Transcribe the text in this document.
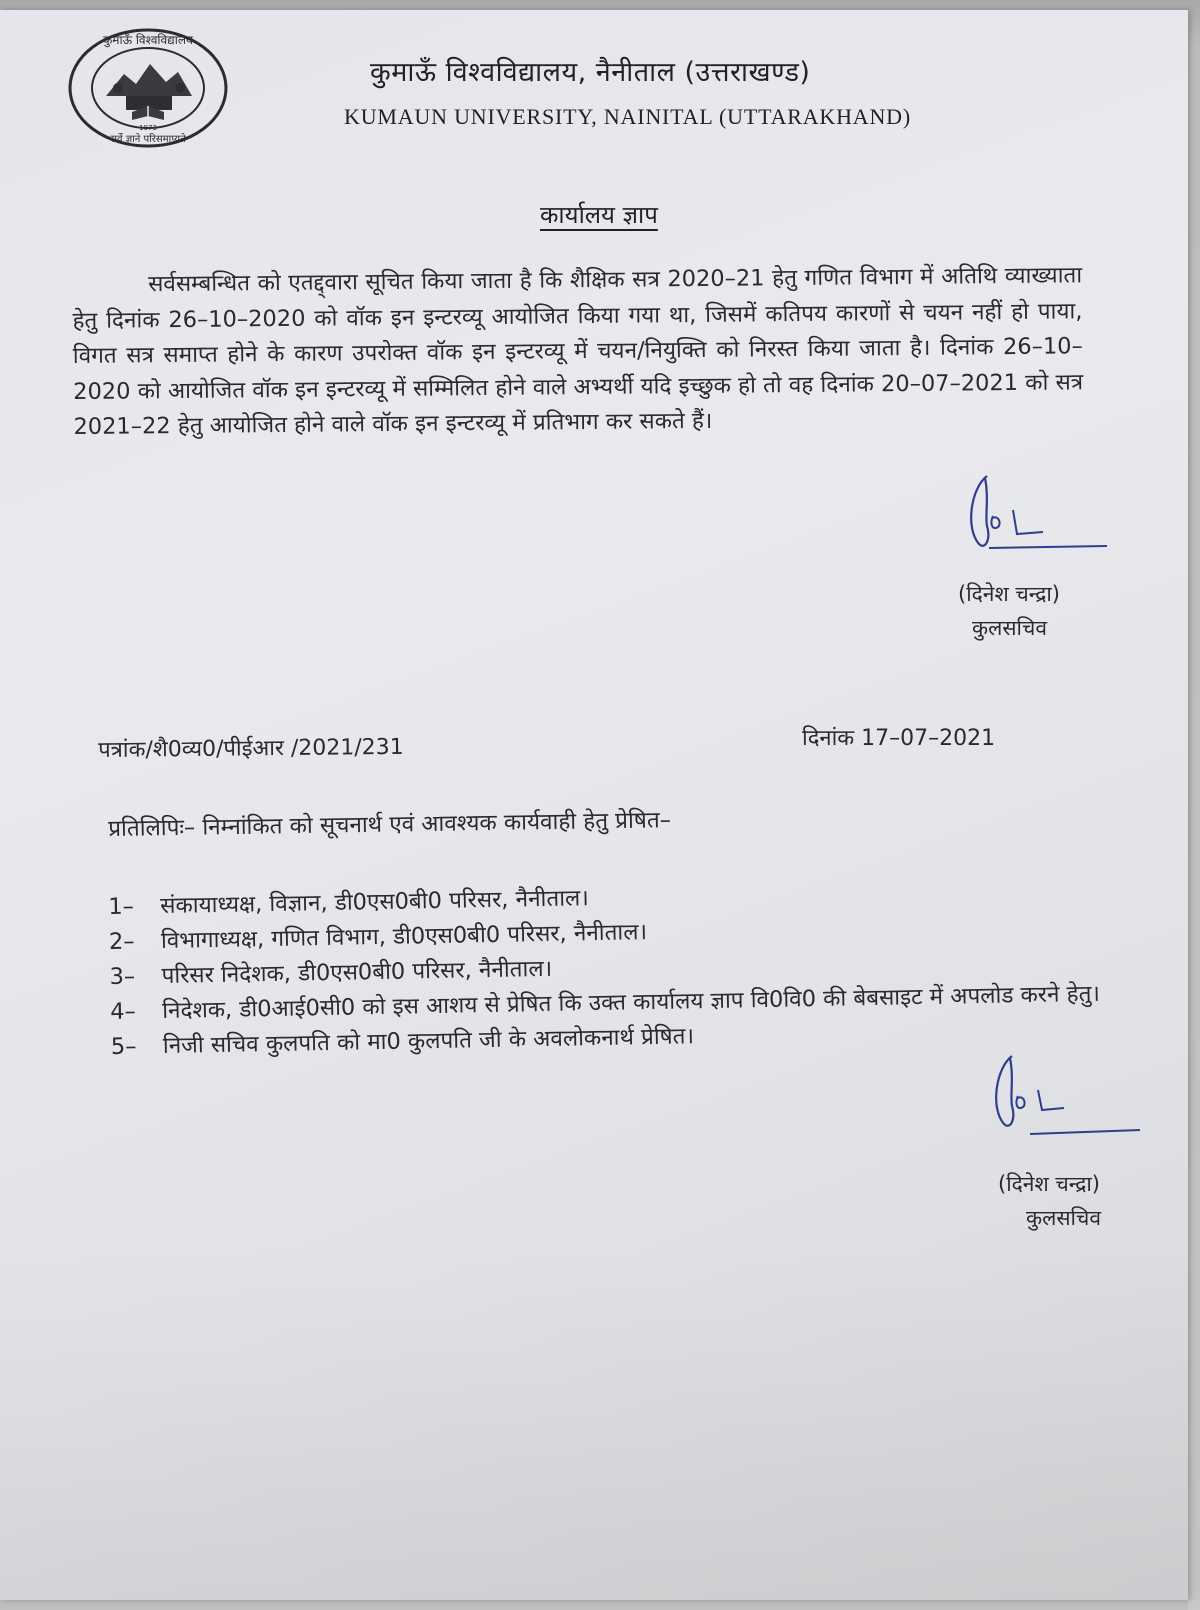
1973
कुमाऊँ विश्वविद्यालय
सर्वे ज्ञाने परिसमाप्यते
कुमाऊँ विश्वविद्यालय, नैनीताल (उत्तराखण्ड)
KUMAUN UNIVERSITY, NAINITAL (UTTARAKHAND)
कार्यालय ज्ञाप
सर्वसम्बन्धित को एतद्द्वारा सूचित किया जाता है कि शैक्षिक सत्र 2020–21 हेतु गणित विभाग में अतिथि व्याख्याता हेतु दिनांक 26–10–2020 को वॉक इन इन्टरव्यू आयोजित किया गया था, जिसमें कतिपय कारणों से चयन नहीं हो पाया, विगत सत्र समाप्त होने के कारण उपरोक्त वॉक इन इन्टरव्यू में चयन/नियुक्ति को निरस्त किया जाता है। दिनांक 26–10–2020 को आयोजित वॉक इन इन्टरव्यू में सम्मिलित होने वाले अभ्यर्थी यदि इच्छुक हो तो वह दिनांक 20–07–2021 को सत्र 2021–22 हेतु आयोजित होने वाले वॉक इन इन्टरव्यू में प्रतिभाग कर सकते हैं।
(दिनेश चन्द्रा)
कुलसचिव
पत्रांक/शै0व्य0/पीईआर /2021/231	दिनांक 17–07–2021
प्रतिलिपिः– निम्नांकित को सूचनार्थ एवं आवश्यक कार्यवाही हेतु प्रेषित–
1–	संकायाध्यक्ष, विज्ञान, डी0एस0बी0 परिसर, नैनीताल।
2–	विभागाध्यक्ष, गणित विभाग, डी0एस0बी0 परिसर, नैनीताल।
3–	परिसर निदेशक, डी0एस0बी0 परिसर, नैनीताल।
4–	निदेशक, डी0आई0सी0 को इस आशय से प्रेषित कि उक्त कार्यालय ज्ञाप वि0वि0 की बेबसाइट में अपलोड करने हेतु।
5–	निजी सचिव कुलपति को मा0 कुलपति जी के अवलोकनार्थ प्रेषित।
(दिनेश चन्द्रा)
कुलसचिव
